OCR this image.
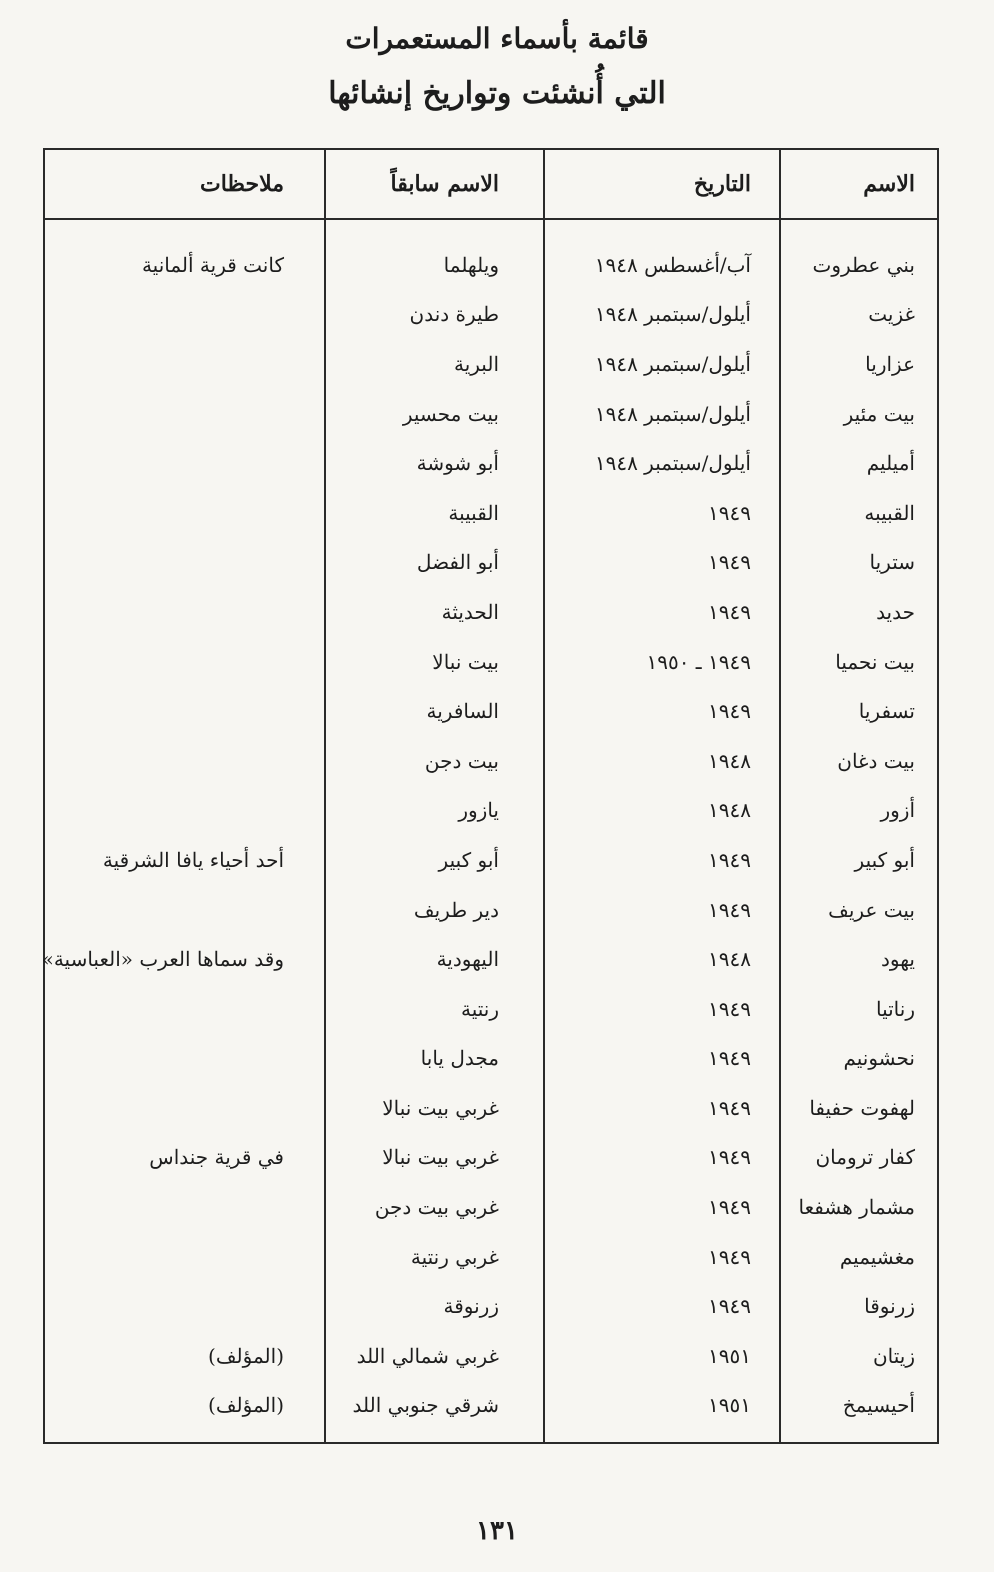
قائمة بأسماء المستعمرات
التي أُنشئت وتواريخ إنشائها
الاسم
التاريخ
الاسم سابقاً
ملاحظات
بني عطروت
آب/أغسطس ١٩٤٨
ويلهلما
كانت قرية ألمانية
غزيت
أيلول/سبتمبر ١٩٤٨
طيرة دندن
عزاريا
أيلول/سبتمبر ١٩٤٨
البرية
بيت مئير
أيلول/سبتمبر ١٩٤٨
بيت محسير
أميليم
أيلول/سبتمبر ١٩٤٨
أبو شوشة
القبيبه
١٩٤٩
القبيبة
ستريا
١٩٤٩
أبو الفضل
حديد
١٩٤٩
الحديثة
بيت نحميا
١٩٤٩ ـ ١٩٥٠
بيت نبالا
تسفريا
١٩٤٩
السافرية
بيت دغان
١٩٤٨
بيت دجن
أزور
١٩٤٨
يازور
أبو كبير
١٩٤٩
أبو كبير
أحد أحياء يافا الشرقية
بيت عريف
١٩٤٩
دير طريف
يهود
١٩٤٨
اليهودية
وقد سماها العرب «العباسية»
رناتيا
١٩٤٩
رنتية
نحشونيم
١٩٤٩
مجدل يابا
لهفوت حفيفا
١٩٤٩
غربي بيت نبالا
كفار ترومان
١٩٤٩
غربي بيت نبالا
في قرية جنداس
مشمار هشفعا
١٩٤٩
غربي بيت دجن
مغشيميم
١٩٤٩
غربي رنتية
زرنوقا
١٩٤٩
زرنوقة
زيتان
١٩٥١
غربي شمالي اللد
(المؤلف)
أحيسيمخ
١٩٥١
شرقي جنوبي اللد
(المؤلف)
١٣١
